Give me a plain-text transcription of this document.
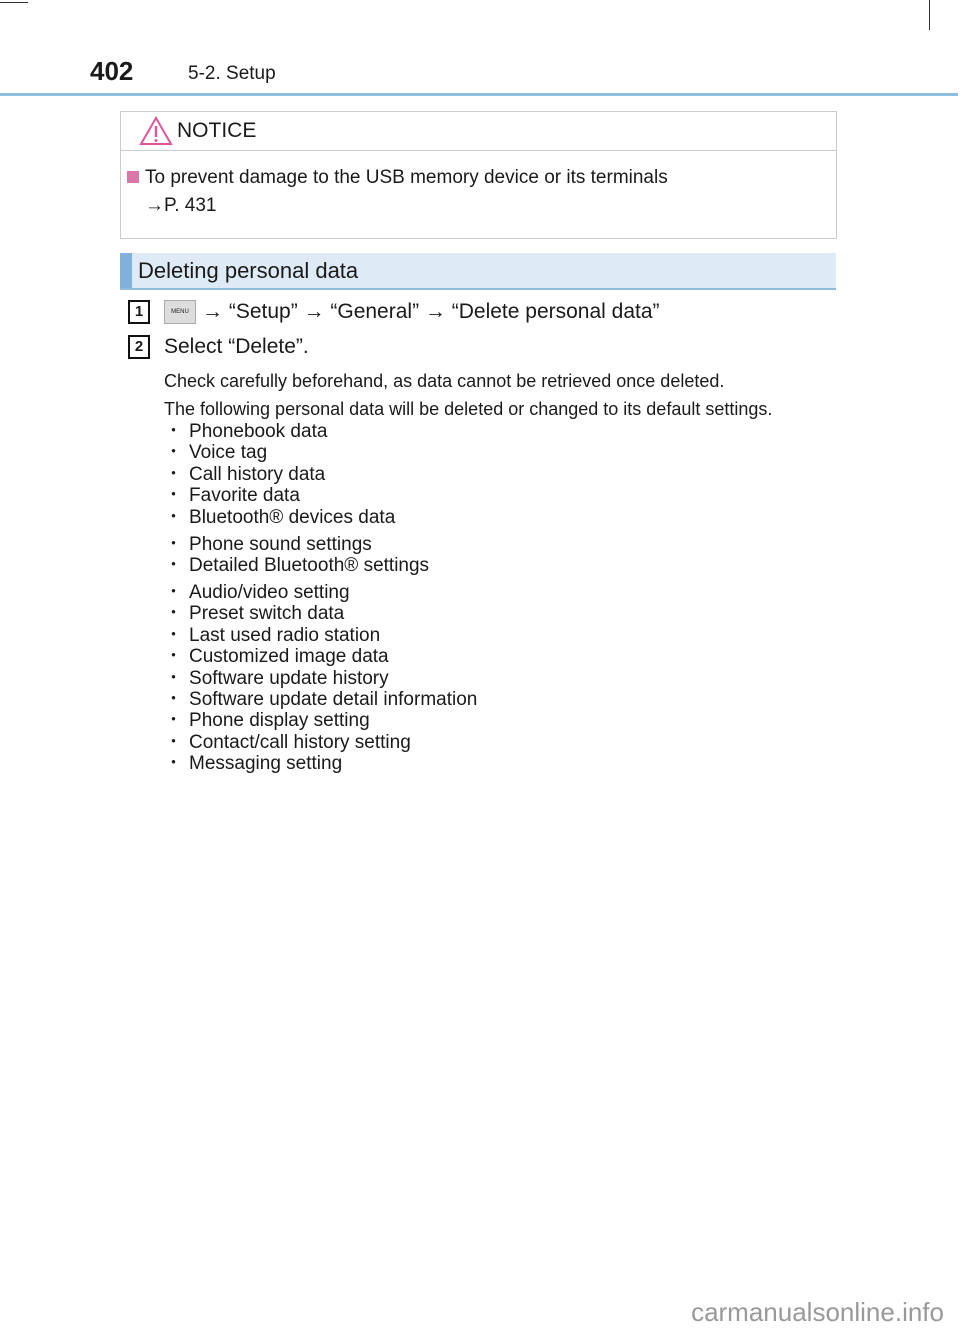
402	5-2. Setup
NOTICE
To prevent damage to the USB memory device or its terminals
→P. 431
Deleting personal data
1	MENU → “Setup” → “General” → “Delete personal data”
2 Select “Delete”.
Check carefully beforehand, as data cannot be retrieved once deleted.
The following personal data will be deleted or changed to its default settings.
・ Phonebook data
・ Voice tag
・ Call history data
・ Favorite data
・ Bluetooth® devices data
・ Phone sound settings
・ Detailed Bluetooth® settings
・ Audio/video setting
・ Preset switch data
・ Last used radio station
・ Customized image data
・ Software update history
・ Software update detail information
・ Phone display setting
・ Contact/call history setting
・ Messaging setting
carmanualsonline.info
